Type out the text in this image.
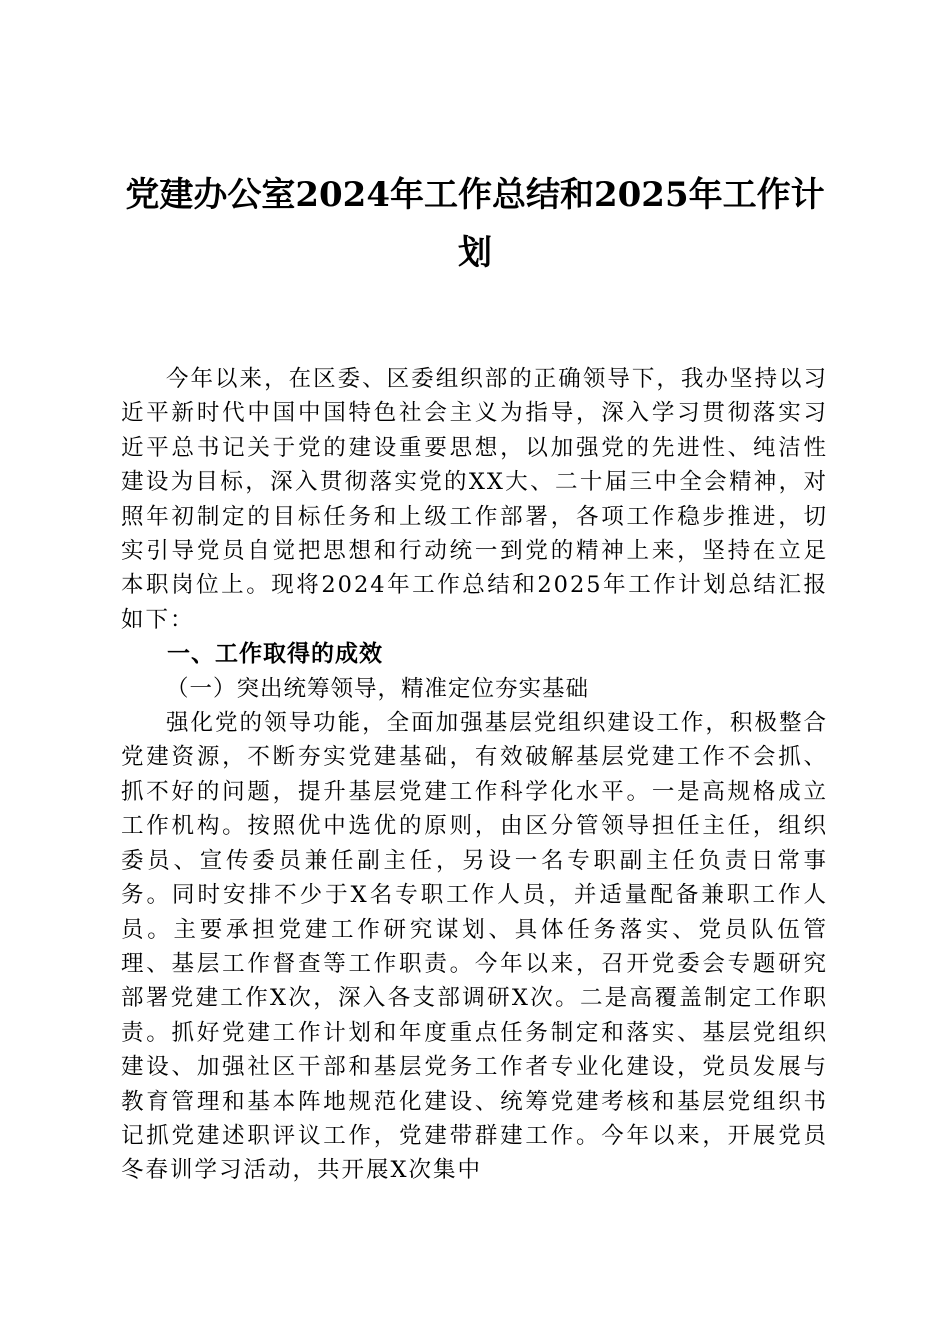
党建办公室2024年工作总结和2025年工作计划

今年以来，在区委、区委组织部的正确领导下，我办坚持以习近平新时代中国中国特色社会主义为指导，深入学习贯彻落实习近平总书记关于党的建设重要思想，以加强党的先进性、纯洁性建设为目标，深入贯彻落实党的XX大、二十届三中全会精神，对照年初制定的目标任务和上级工作部署，各项工作稳步推进，切实引导党员自觉把思想和行动统一到党的精神上来，坚持在立足本职岗位上。现将2024年工作总结和2025年工作计划总结汇报如下：

一、工作取得的成效

（一）突出统筹领导，精准定位夯实基础

强化党的领导功能，全面加强基层党组织建设工作，积极整合党建资源，不断夯实党建基础，有效破解基层党建工作不会抓、抓不好的问题，提升基层党建工作科学化水平。一是高规格成立工作机构。按照优中选优的原则，由区分管领导担任主任，组织委员、宣传委员兼任副主任，另设一名专职副主任负责日常事务。同时安排不少于X名专职工作人员，并适量配备兼职工作人员。主要承担党建工作研究谋划、具体任务落实、党员队伍管理、基层工作督查等工作职责。今年以来，召开党委会专题研究部署党建工作X次，深入各支部调研X次。二是高覆盖制定工作职责。抓好党建工作计划和年度重点任务制定和落实、基层党组织建设、加强社区干部和基层党务工作者专业化建设，党员发展与教育管理和基本阵地规范化建设、统筹党建考核和基层党组织书记抓党建述职评议工作，党建带群建工作。今年以来，开展党员冬春训学习活动，共开展X次集中
